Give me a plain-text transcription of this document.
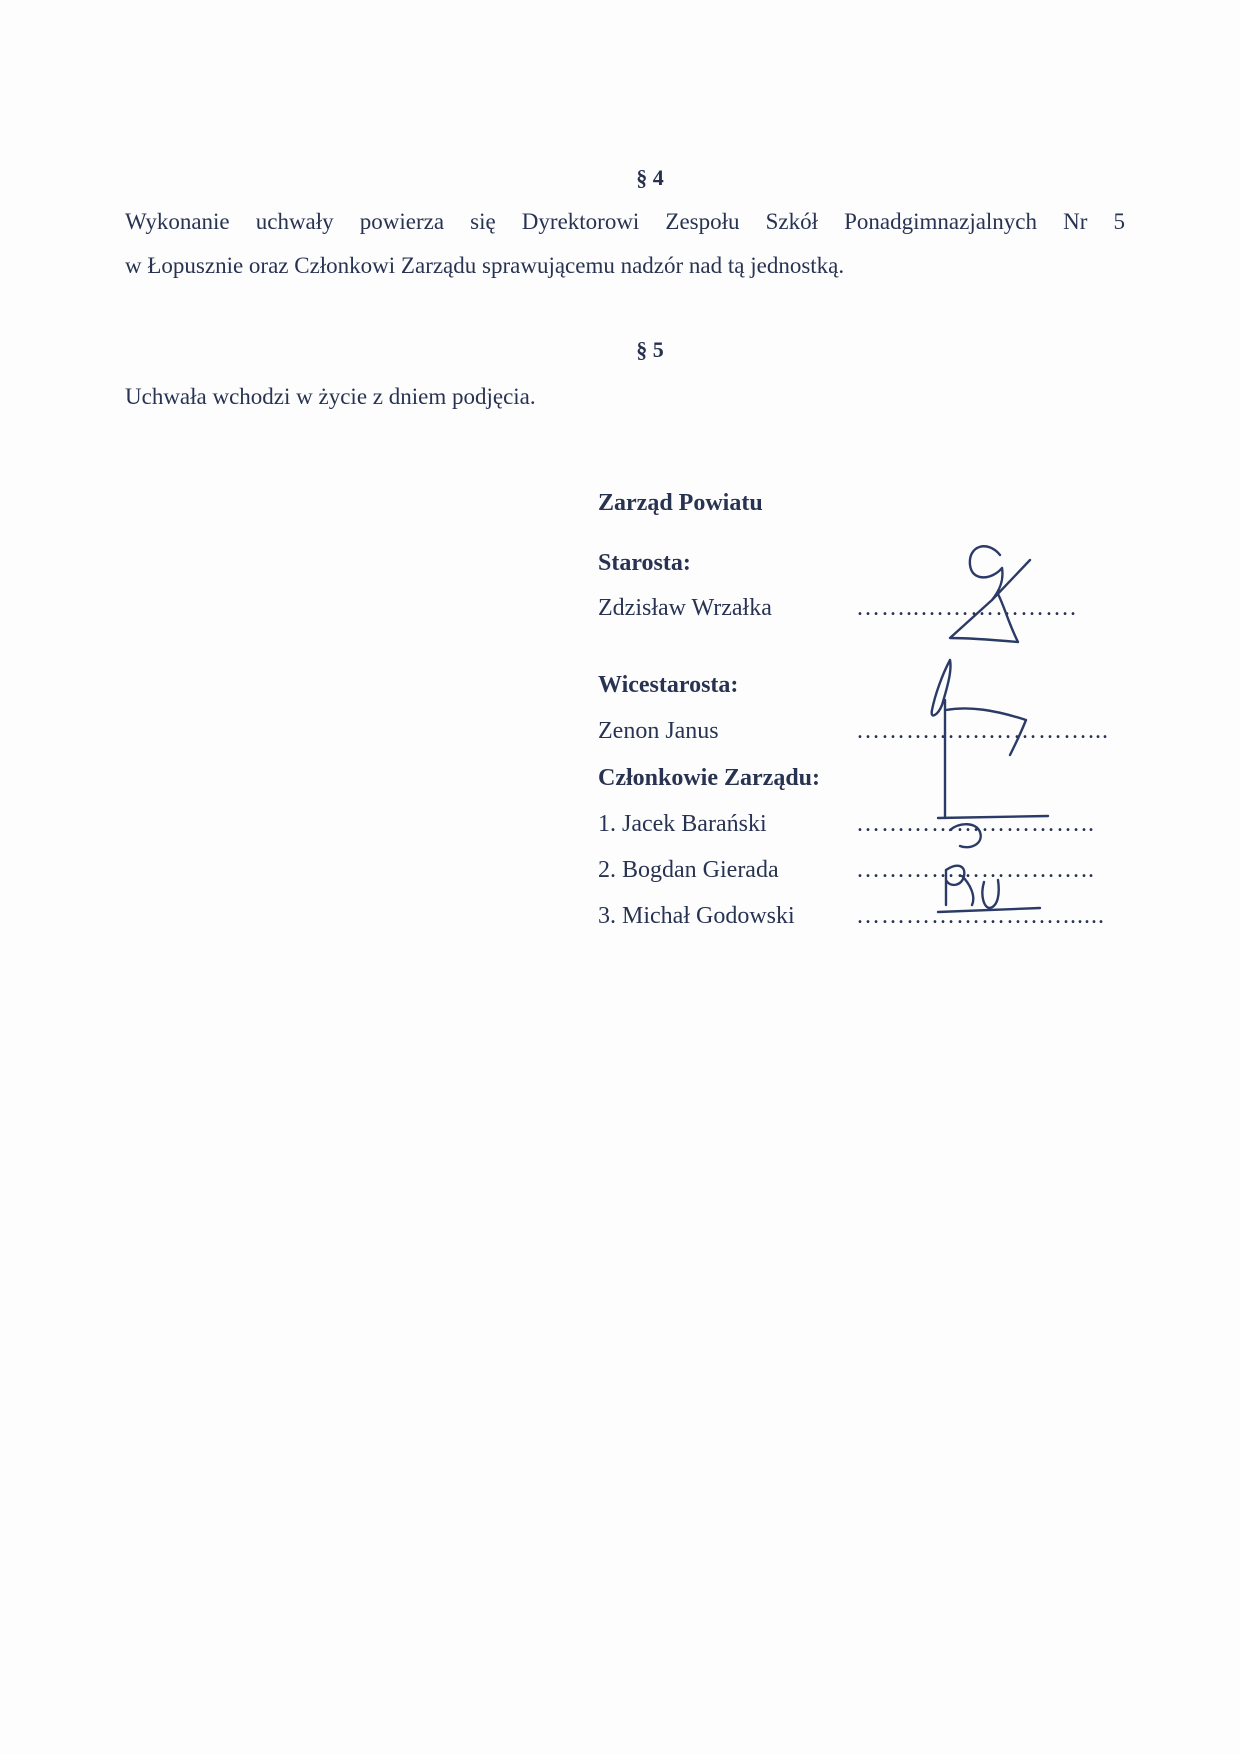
§ 4
Wykonanie uchwały powierza się Dyrektorowi Zespołu Szkół Ponadgimnazjalnych Nr 5
w Łopusznie oraz Członkowi Zarządu sprawującemu nadzór nad tą jednostką.
§ 5
Uchwała wchodzi w życie z dniem podjęcia.
Zarząd Powiatu
Starosta:
Zdzisław Wrzałka	……..……………….
Wicestarosta:
Zenon Janus	…………….…………...
Członkowie Zarządu:
1. Jacek Barański	………………………..
2. Bogdan Gierada	………………………..
3. Michał Godowski	………………….…......
